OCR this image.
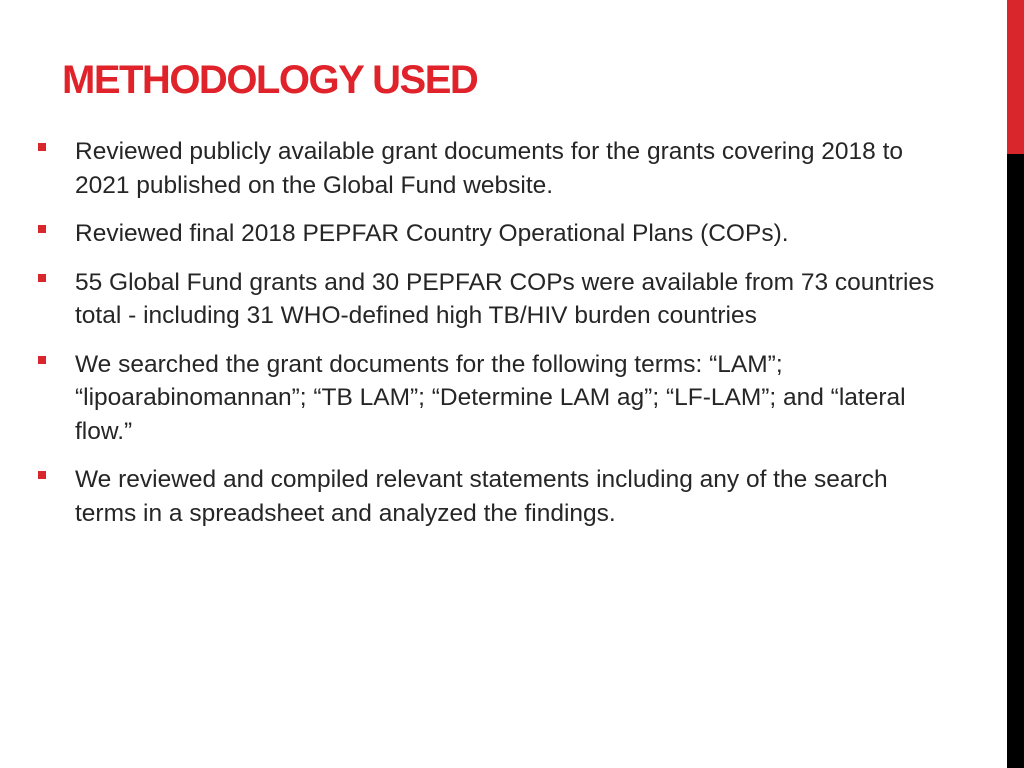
METHODOLOGY USED
Reviewed publicly available grant documents for the grants covering 2018 to 2021 published on the Global Fund website.
Reviewed final 2018 PEPFAR Country Operational Plans (COPs).
55 Global Fund grants and 30 PEPFAR COPs were available from 73 countries total - including 31 WHO-defined high TB/HIV burden countries
We searched the grant documents for the following terms: “LAM”; “lipoarabinomannan”; “TB LAM”; “Determine LAM ag”; “LF-LAM”; and “lateral flow.”
We reviewed and compiled relevant statements including any of the search terms in a spreadsheet and analyzed the findings.
